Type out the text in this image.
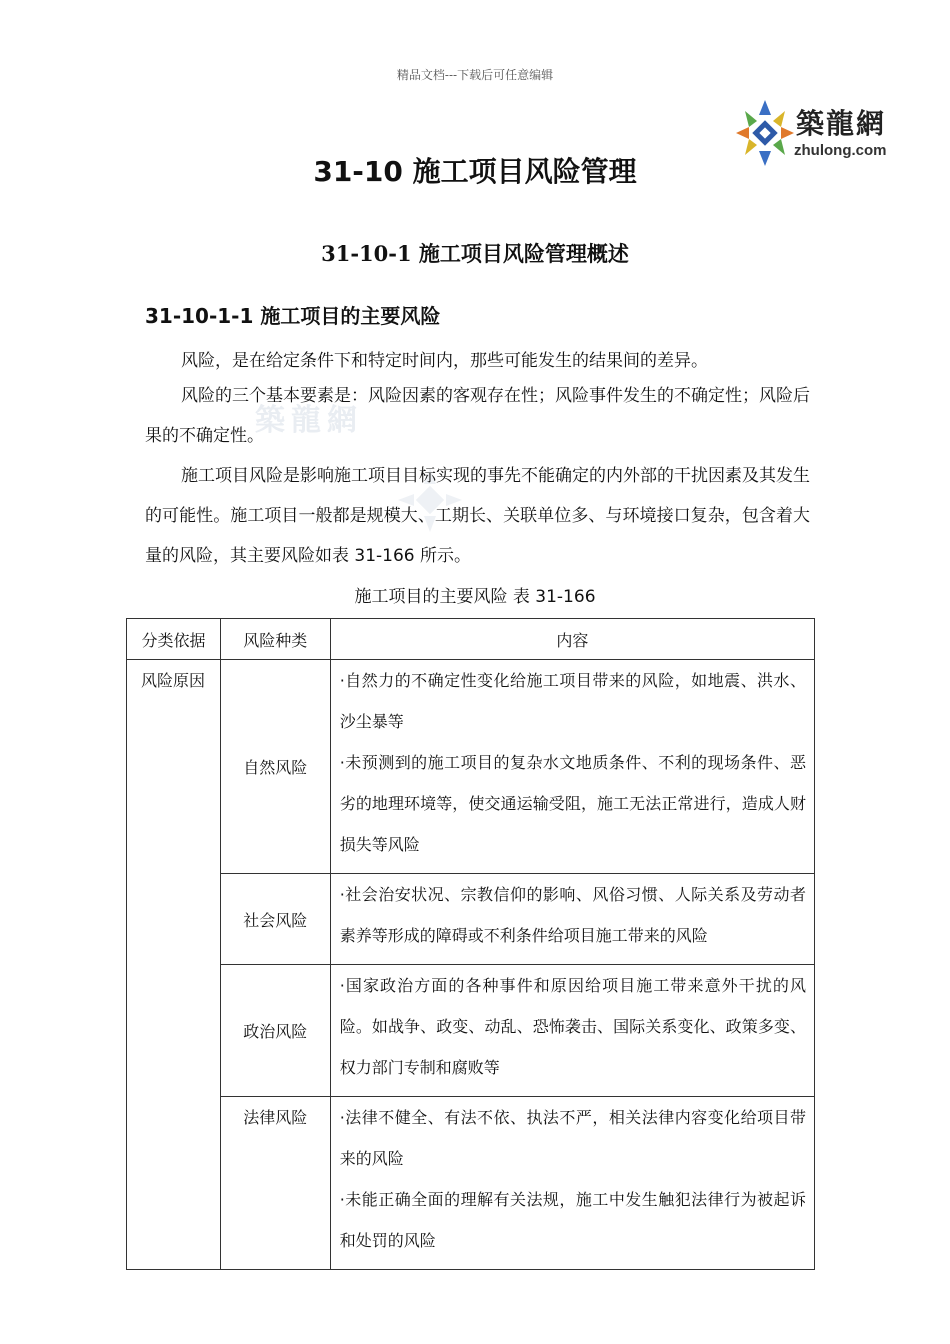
精品文档---下载后可任意编辑
築龍網
zhulong.com
築龍網
31-10 施工项目风险管理
31-10-1 施工项目风险管理概述
31-10-1-1 施工项目的主要风险

风险，是在给定条件下和特定时间内，那些可能发生的结果间的差异。

风险的三个基本要素是：风险因素的客观存在性；风险事件发生的不确定性；风险后果的不确定性。

施工项目风险是影响施工项目目标实现的事先不能确定的内外部的干扰因素及其发生的可能性。施工项目一般都是规模大、工期长、关联单位多、与环境接口复杂，包含着大量的风险，其主要风险如表 31-166 所示。

施工项目的主要风险 表 31-166
分类依据	风险种类	内容
风险原因	自然风险	·自然力的不确定性变化给施工项目带来的风险，如地震、洪水、沙尘暴等
·未预测到的施工项目的复杂水文地质条件、不利的现场条件、恶劣的地理环境等，使交通运输受阻，施工无法正常进行，造成人财损失等风险

	社会风险	·社会治安状况、宗教信仰的影响、风俗习惯、人际关系及劳动者素养等形成的障碍或不利条件给项目施工带来的风险

	政治风险	·国家政治方面的各种事件和原因给项目施工带来意外干扰的风险。如战争、政变、动乱、恐怖袭击、国际关系变化、政策多变、权力部门专制和腐败等

	法律风险	·法律不健全、有法不依、执法不严，相关法律内容变化给项目带来的风险
·未能正确全面的理解有关法规，施工中发生触犯法律行为被起诉和处罚的风险
